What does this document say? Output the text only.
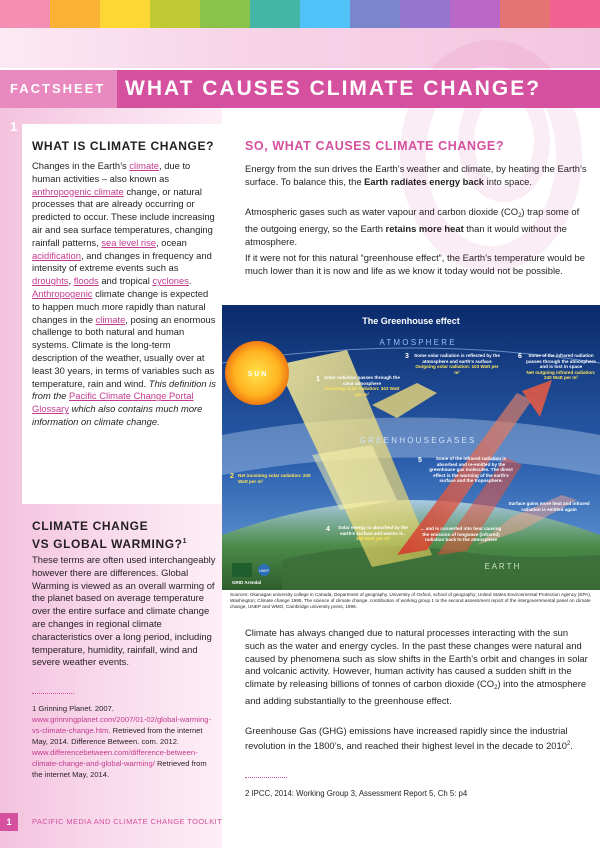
FACTSHEET 1
WHAT CAUSES CLIMATE CHANGE?
WHAT IS CLIMATE CHANGE?
Changes in the Earth’s climate, due to human activities – also known as anthropogenic climate change, or natural processes that are already occurring or predicted to occur. These include increasing air and sea surface temperatures, changing rainfall patterns, sea level rise, ocean acidification, and changes in frequency and intensity of extreme events such as droughts, floods and tropical cyclones. Anthropogenic climate change is expected to happen much more rapidly than natural changes in the climate, posing an enormous challenge to both natural and human systems. Climate is the long-term description of the weather, usually over at least 30 years, in terms of variables such as temperature, rain and wind. This definition is from the Pacific Climate Change Portal Glossary which also contains much more information on climate change.
CLIMATE CHANGE
VS GLOBAL WARMING?$^1$
These terms are often used interchangeably however there are differences. Global Warming is viewed as an overall warming of the planet based on average temperature over the entire surface and climate change are changes in regional climate characteristics over a long period, including temperature, humidity, rainfall, wind and severe weather events.
1 Grinning Planet. 2007. www.grinningplanet.com/2007/01-02/global-warming-vs-climate-change.htm. Retrieved from the internet May, 2014. Difference Between. com. 2012. www.differencebetween.com/difference-between-climate-change-and-global-warming/ Retrieved from the internet May, 2014.
1	PACIFIC MEDIA AND CLIMATE CHANGE TOOLKIT
SO, WHAT CAUSES CLIMATE CHANGE?
Energy from the sun drives the Earth’s weather and climate, by heating the Earth’s surface. To balance this, the Earth radiates energy back into space.
Atmospheric gases such as water vapour and carbon dioxide $(CO_2)$ trap some of the outgoing energy, so the Earth retains more heat than it would without the atmosphere.
If it were not for this natural “greenhouse effect”, the Earth’s temperature would be much lower than it is now and life as we know it today would not be possible.
The Greenhouse effect
A T M O S P H E R E
G R E E N H O U S E G A S E S
E A R T H
S U N
1 Solar radiation passes through the clear atmosphere
Incoming solar radiation: 343 Watt per m²
2 Net incoming solar radiation: 240 Watt per m²
3	Some solar radiation is reflected by the atmosphere and earth’s surface
Outgoing solar radiation: 103 Watt per m²
6	Some of the infrared radiation passes through the atmosphere and is lost in space
Net outgoing infrared radiation: 240 Watt per m²
5	Some of the infrared radiation is absorbed and re-emitted by the greenhouse gas molecules. The direct effect is the warming of the earth’s surface and the troposphere.
Surface gains more heat and infrared radiation is emitted again
4	Solar energy is absorbed by the earth’s surface and warms it...
168 Watt per m²
... and is converted into heat causing the emission of longwave (infrared) radiation back to the atmosphere
GRID Arendal
UNEP
Sources: Okanagan university college in Canada, Department of geography, University of Oxford, school of geography; United States Environmental Protection Agency (EPA), Washington; Climate change 1995, The science of climate change, contribution of working group 1 to the second assessment report of the intergovernmental panel on climate change, UNEP and WMO, Cambridge university press, 1996.
Climate has always changed due to natural processes interacting with the sun such as the water and energy cycles. In the past these changes were natural and caused by phenomena such as slow shifts in the Earth’s orbit and changes in solar and volcanic activity. However, human activity has caused a sudden shift in the climate by releasing billions of tonnes of carbon dioxide $(CO_2)$ into the atmosphere and adding substantially to the greenhouse effect.
Greenhouse Gas (GHG) emissions have increased rapidly since the industrial revolution in the 1800’s, and reached their highest level in the decade to 2010$^2$.
2 IPCC, 2014: Working Group 3, Assessment Report 5, Ch 5: p4
